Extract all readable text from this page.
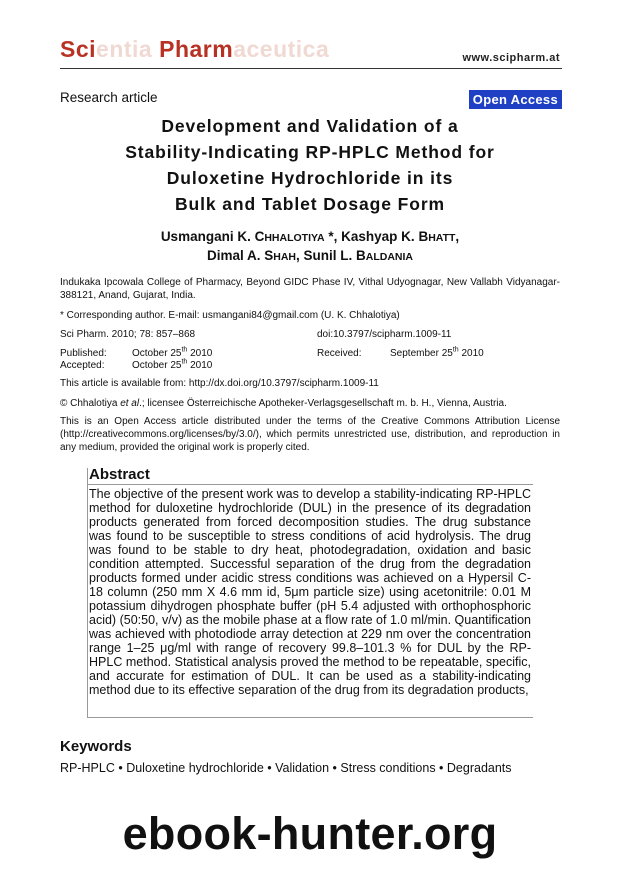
Scientia Pharmaceutica	www.scipharm.at
Research article	Open Access
Development and Validation of a
Stability-Indicating RP-HPLC Method for
Duloxetine Hydrochloride in its
Bulk and Tablet Dosage Form
Usmangani K. CHHALOTIYA *, Kashyap K. BHATT,
Dimal A. SHAH, Sunil L. BALDANIA
Indukaka Ipcowala College of Pharmacy, Beyond GIDC Phase IV, Vithal Udyognagar, New Vallabh Vidyanagar-388121, Anand, Gujarat, India.
* Corresponding author. E-mail: usmangani84@gmail.com (U. K. Chhalotiya)
Sci Pharm. 2010; 78: 857–868	doi:10.3797/scipharm.1009-11
Published:	October 25th 2010	Received:	September 25th 2010
Accepted:	October 25th 2010
This article is available from: http://dx.doi.org/10.3797/scipharm.1009-11
© Chhalotiya et al.; licensee Österreichische Apotheker-Verlagsgesellschaft m. b. H., Vienna, Austria.
This is an Open Access article distributed under the terms of the Creative Commons Attribution License (http://creativecommons.org/licenses/by/3.0/), which permits unrestricted use, distribution, and reproduction in any medium, provided the original work is properly cited.
Abstract
The objective of the present work was to develop a stability-indicating RP-HPLC method for duloxetine hydrochloride (DUL) in the presence of its degradation products generated from forced decomposition studies. The drug substance was found to be susceptible to stress conditions of acid hydrolysis. The drug was found to be stable to dry heat, photodegradation, oxidation and basic condition attempted. Successful separation of the drug from the degradation products formed under acidic stress conditions was achieved on a Hypersil C-18 column (250 mm X 4.6 mm id, 5μm particle size) using acetonitrile: 0.01 M potassium dihydrogen phosphate buffer (pH 5.4 adjusted with orthophosphoric acid) (50:50, v/v) as the mobile phase at a flow rate of 1.0 ml/min. Quantification was achieved with photodiode array detection at 229 nm over the concentration range 1–25 μg/ml with range of recovery 99.8–101.3 % for DUL by the RP-HPLC method. Statistical analysis proved the method to be repeatable, specific, and accurate for estimation of DUL. It can be used as a stability-indicating method due to its effective separation of the drug from its degradation products,
Keywords
RP-HPLC • Duloxetine hydrochloride • Validation • Stress conditions • Degradants
ebook-hunter.org
